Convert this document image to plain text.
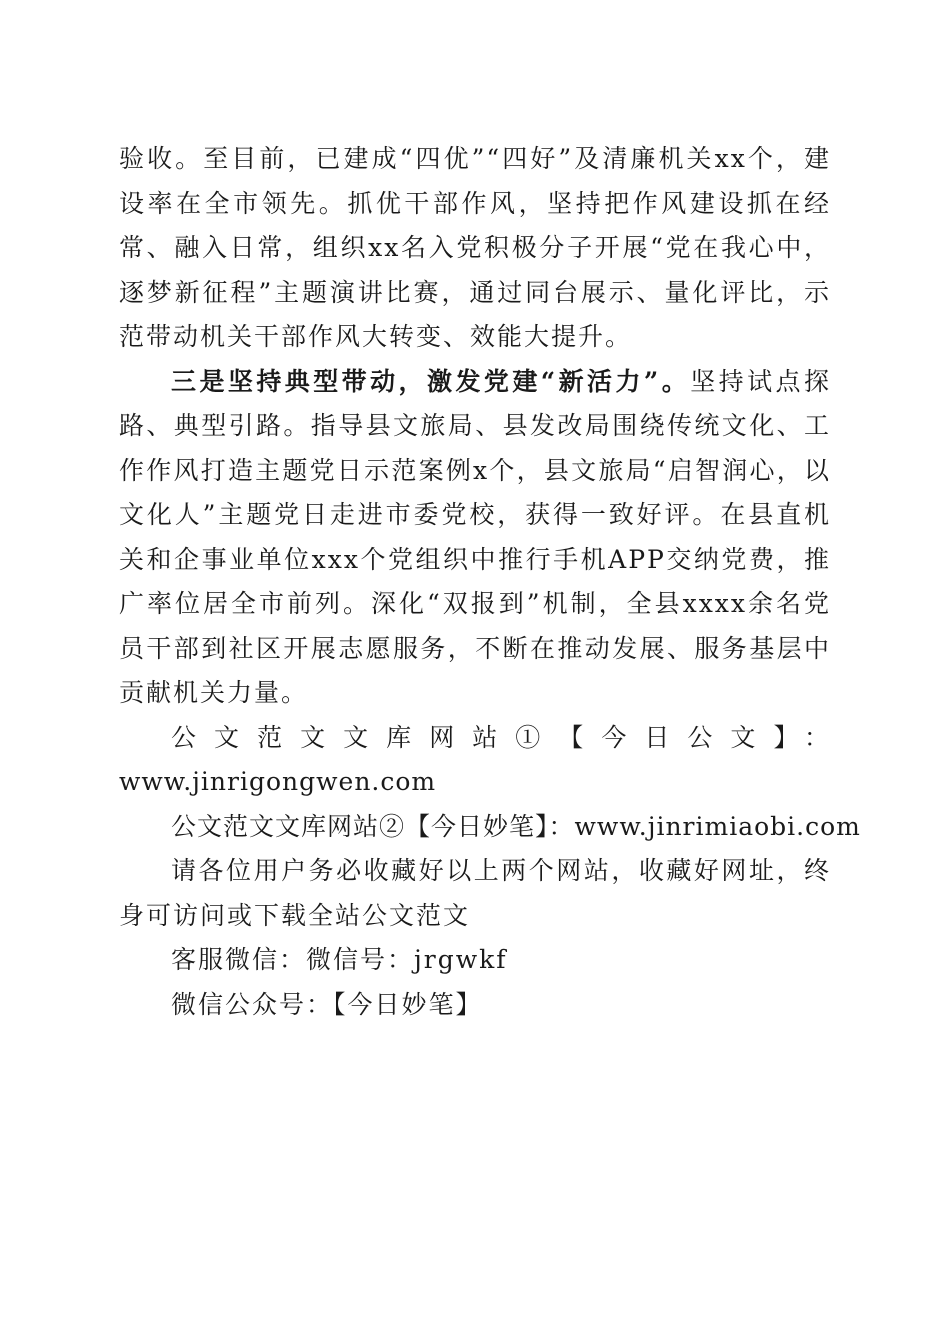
验收。至目前，已建成“四优”“四好”及清廉机关xx个，建设率在全市领先。抓优干部作风，坚持把作风建设抓在经常、融入日常，组织xx名入党积极分子开展“党在我心中，逐梦新征程”主题演讲比赛，通过同台展示、量化评比，示范带动机关干部作风大转变、效能大提升。

三是坚持典型带动，激发党建“新活力”。坚持试点探路、典型引路。指导县文旅局、县发改局围绕传统文化、工作作风打造主题党日示范案例x个，县文旅局“启智润心，以文化人”主题党日走进市委党校，获得一致好评。在县直机关和企事业单位xxx个党组织中推行手机APP交纳党费，推广率位居全市前列。深化“双报到”机制，全县xxxx余名党员干部到社区开展志愿服务，不断在推动发展、服务基层中贡献机关力量。

公文范文文库网站①【今日公文】：

www.jinrigongwen.com

公文范文文库网站②【今日妙笔】：www.jinrimiaobi.com

请各位用户务必收藏好以上两个网站，收藏好网址，终身可访问或下载全站公文范文

客服微信：微信号：jrgwkf

微信公众号：【今日妙笔】
